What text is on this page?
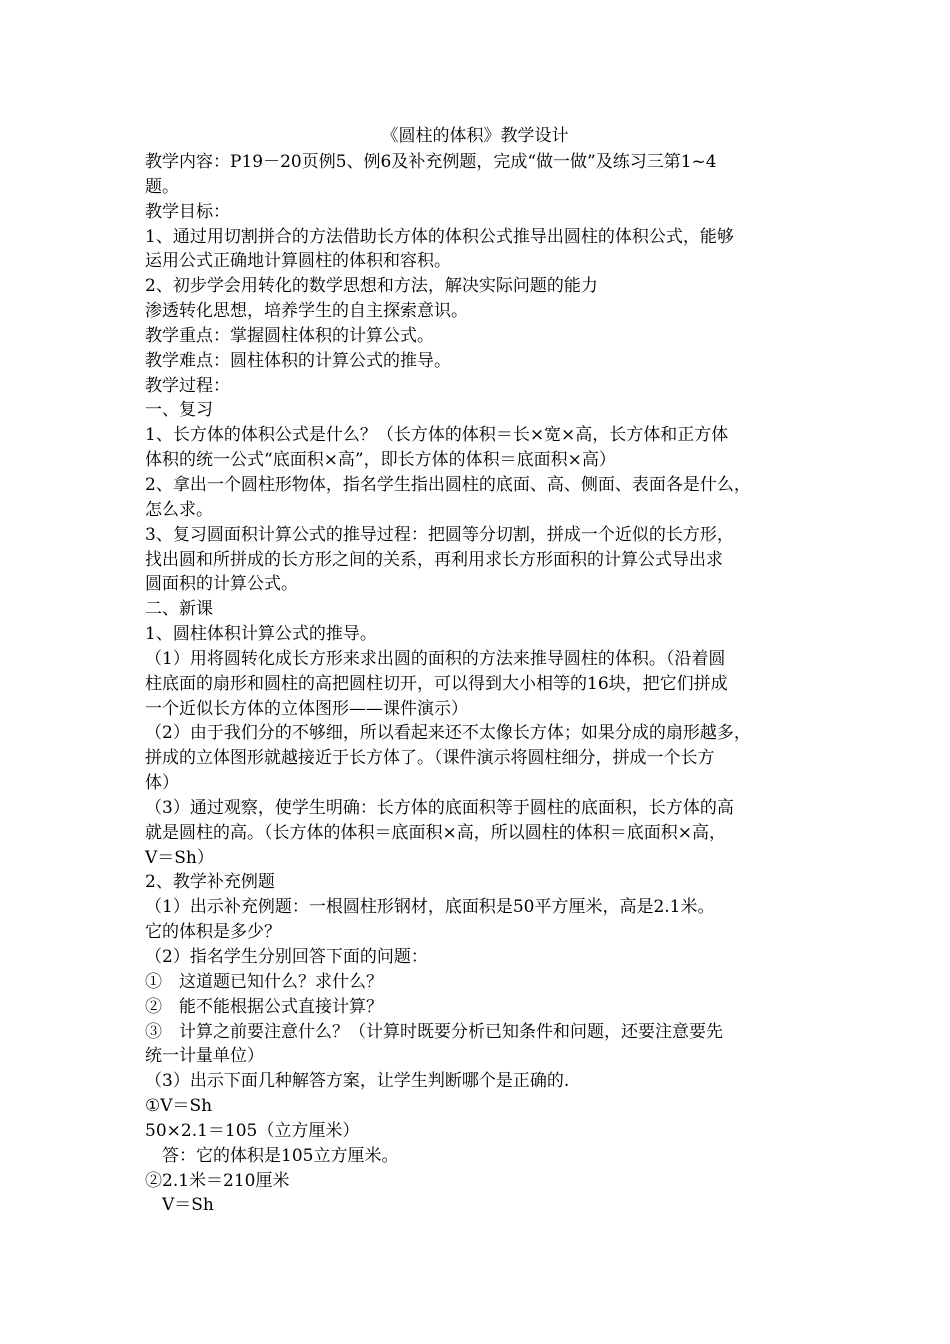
《圆柱的体积》教学设计
教学内容：P19－20页例5、例6及补充例题，完成“做一做”及练习三第1~4
题。
教学目标：
1、通过用切割拼合的方法借助长方体的体积公式推导出圆柱的体积公式，能够
运用公式正确地计算圆柱的体积和容积。
2、初步学会用转化的数学思想和方法，解决实际问题的能力
渗透转化思想，培养学生的自主探索意识。
教学重点：掌握圆柱体积的计算公式。
教学难点：圆柱体积的计算公式的推导。
教学过程：
一、复习
1、长方体的体积公式是什么？（长方体的体积＝长×宽×高，长方体和正方体
体积的统一公式“底面积×高”，即长方体的体积＝底面积×高）
2、拿出一个圆柱形物体，指名学生指出圆柱的底面、高、侧面、表面各是什么，
怎么求。
3、复习圆面积计算公式的推导过程：把圆等分切割，拼成一个近似的长方形，
找出圆和所拼成的长方形之间的关系，再利用求长方形面积的计算公式导出求
圆面积的计算公式。
二、新课
1、圆柱体积计算公式的推导。
（1）用将圆转化成长方形来求出圆的面积的方法来推导圆柱的体积。（沿着圆
柱底面的扇形和圆柱的高把圆柱切开，可以得到大小相等的16块，把它们拼成
一个近似长方体的立体图形——课件演示）
（2）由于我们分的不够细，所以看起来还不太像长方体；如果分成的扇形越多，
拼成的立体图形就越接近于长方体了。（课件演示将圆柱细分，拼成一个长方
体）
（3）通过观察，使学生明确：长方体的底面积等于圆柱的底面积，长方体的高
就是圆柱的高。（长方体的体积＝底面积×高，所以圆柱的体积＝底面积×高，
V＝Sh）
2、教学补充例题
（1）出示补充例题：一根圆柱形钢材，底面积是50平方厘米，高是2.1米。
它的体积是多少？
（2）指名学生分别回答下面的问题：
①　这道题已知什么？求什么？
②　能不能根据公式直接计算？
③　计算之前要注意什么？（计算时既要分析已知条件和问题，还要注意要先
统一计量单位）
（3）出示下面几种解答方案，让学生判断哪个是正确的.
①V＝Sh
50×2.1＝105（立方厘米）
　答：它的体积是105立方厘米。
②2.1米＝210厘米
　V＝Sh
